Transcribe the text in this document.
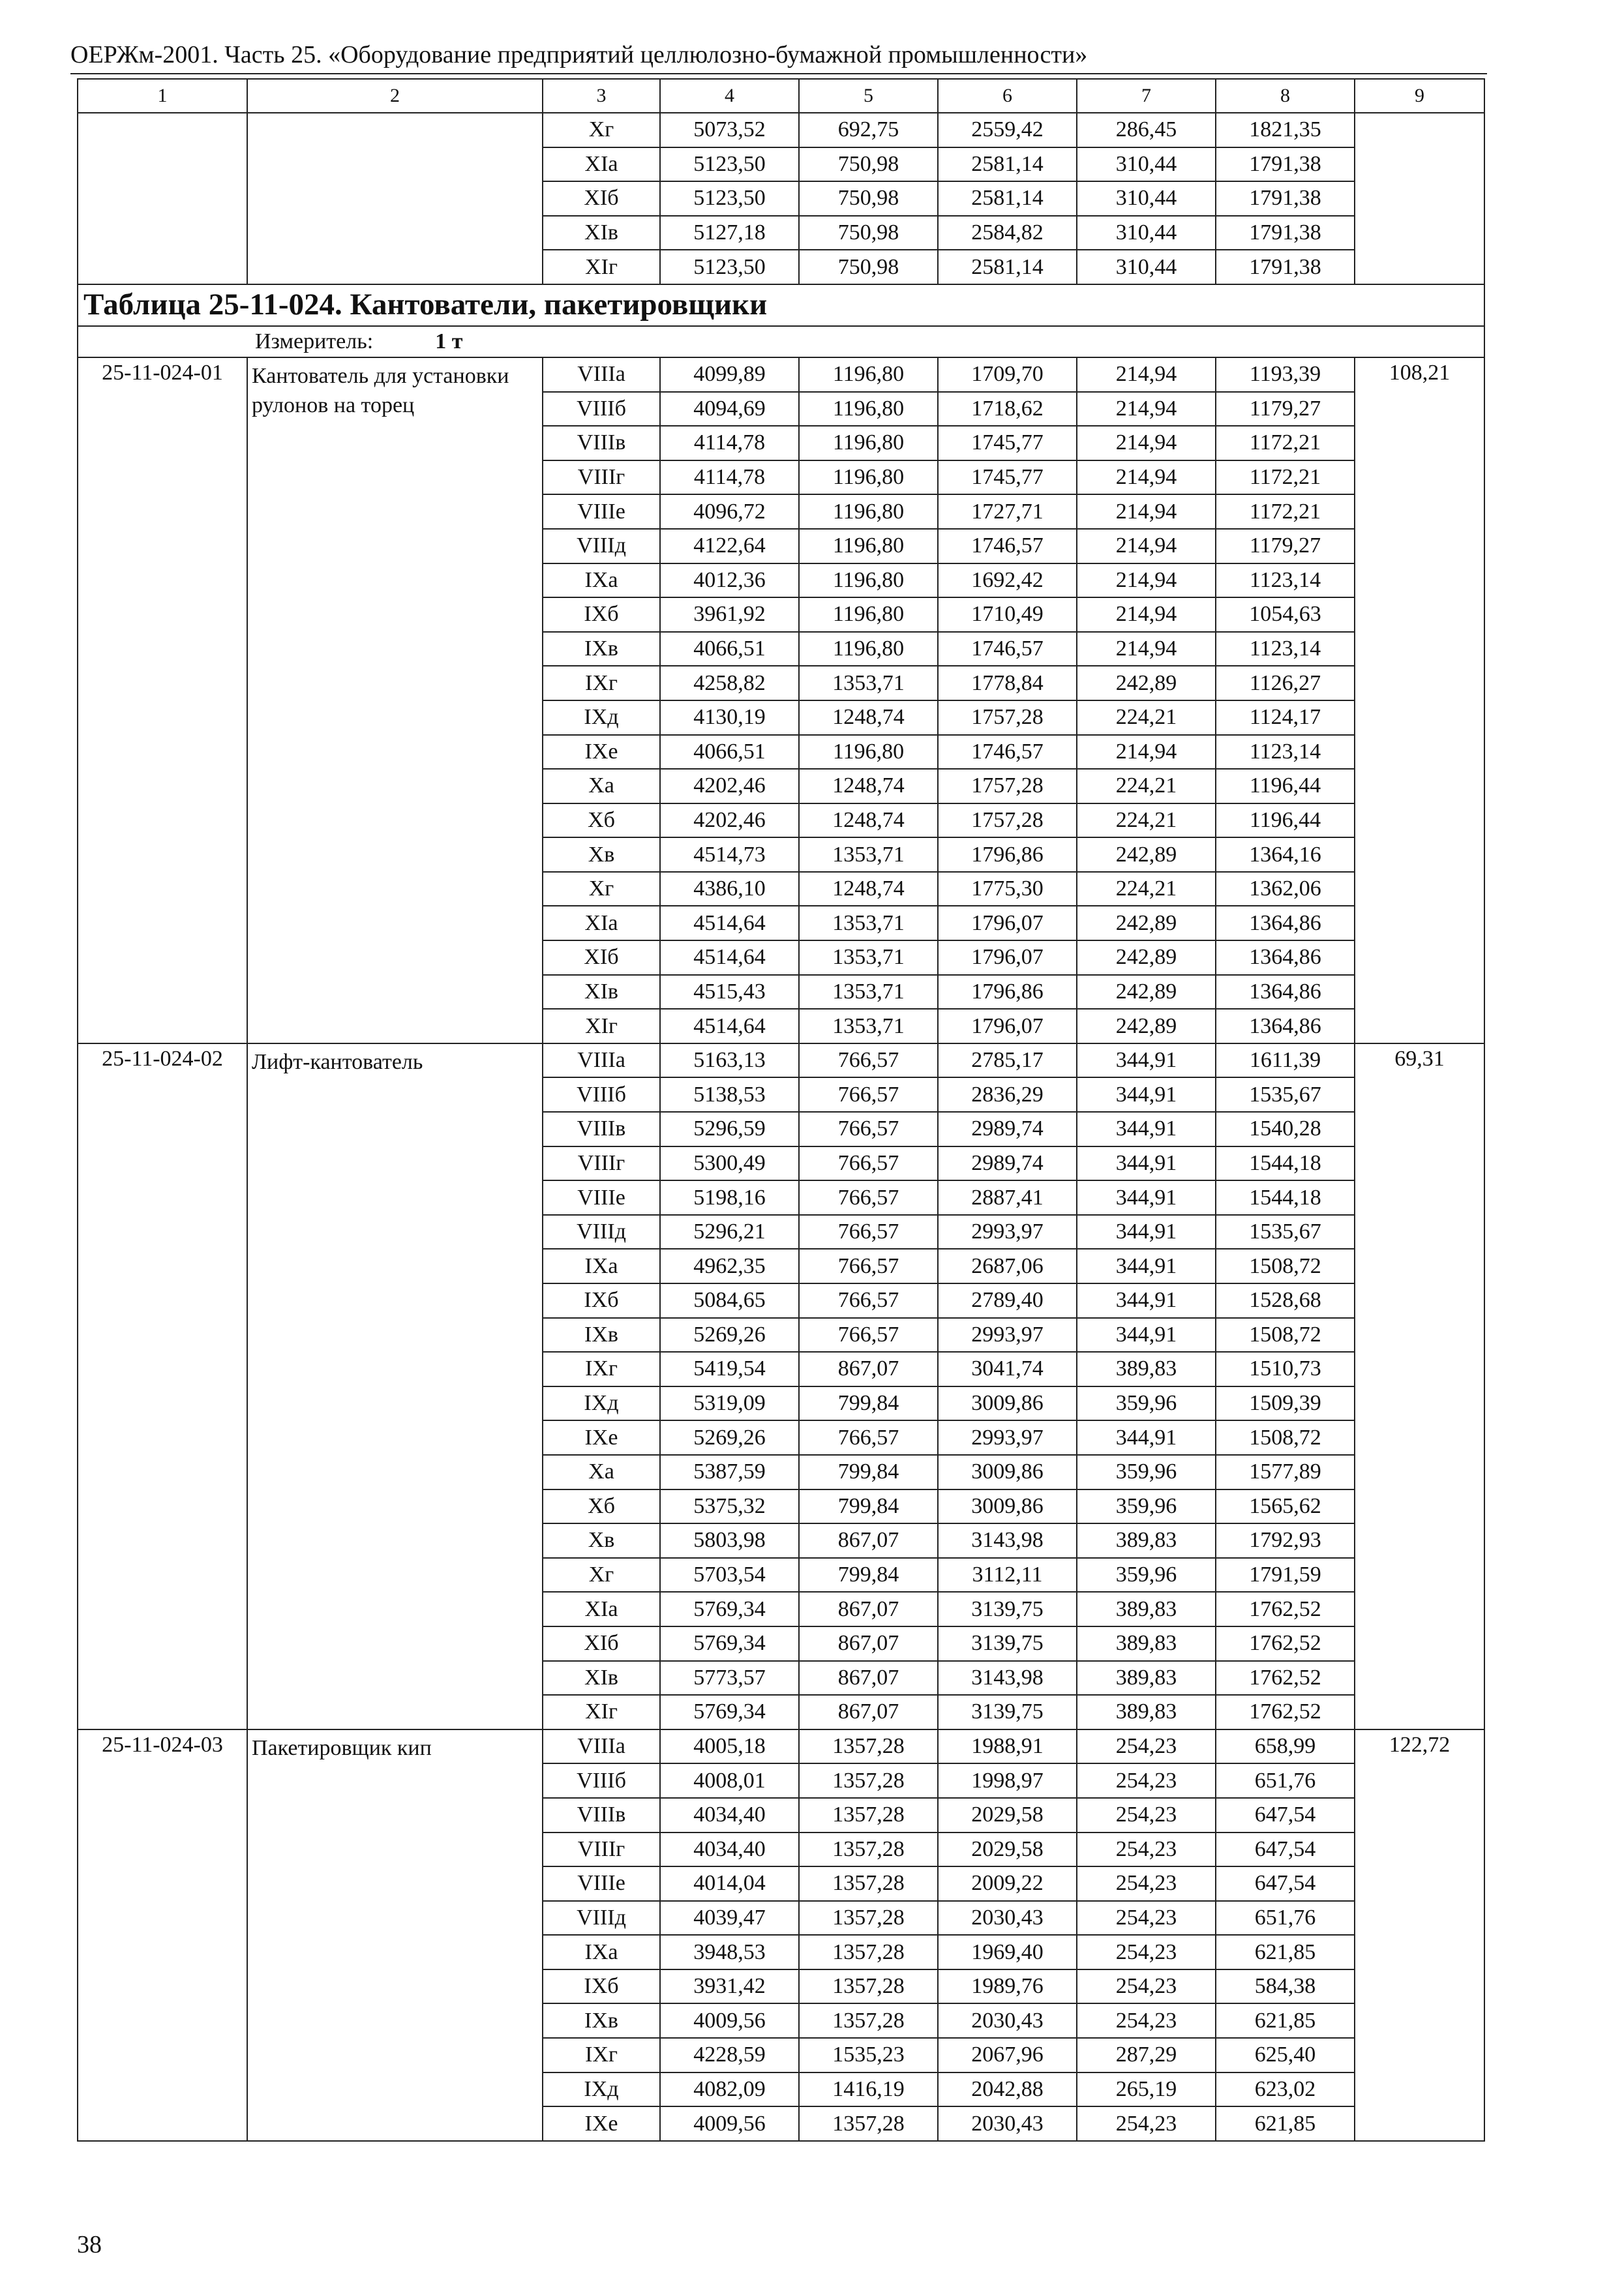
ОЕРЖм-2001. Часть 25. «Оборудование предприятий целлюлозно-бумажной промышленности»
1	2	3	4	5	6	7	8	9
		Xг	5073,52	692,75	2559,42	286,45	1821,35	
		XIа	5123,50	750,98	2581,14	310,44	1791,38	
		XIб	5123,50	750,98	2581,14	310,44	1791,38	
		XIв	5127,18	750,98	2584,82	310,44	1791,38	
		XIг	5123,50	750,98	2581,14	310,44	1791,38	
Таблица 25-11-024. Кантователи, пакетировщики								
Измеритель: 1 т								
25-11-024-01	Кантователь для установки рулонов на торец	VIIIа	4099,89	1196,80	1709,70	214,94	1193,39	108,21
		VIIIб	4094,69	1196,80	1718,62	214,94	1179,27	
		VIIIв	4114,78	1196,80	1745,77	214,94	1172,21	
		VIIIг	4114,78	1196,80	1745,77	214,94	1172,21	
		VIIIе	4096,72	1196,80	1727,71	214,94	1172,21	
		VIIIд	4122,64	1196,80	1746,57	214,94	1179,27	
		IXа	4012,36	1196,80	1692,42	214,94	1123,14	
		IXб	3961,92	1196,80	1710,49	214,94	1054,63	
		IXв	4066,51	1196,80	1746,57	214,94	1123,14	
		IXг	4258,82	1353,71	1778,84	242,89	1126,27	
		IXд	4130,19	1248,74	1757,28	224,21	1124,17	
		IXе	4066,51	1196,80	1746,57	214,94	1123,14	
		Xа	4202,46	1248,74	1757,28	224,21	1196,44	
		Xб	4202,46	1248,74	1757,28	224,21	1196,44	
		Xв	4514,73	1353,71	1796,86	242,89	1364,16	
		Xг	4386,10	1248,74	1775,30	224,21	1362,06	
		XIа	4514,64	1353,71	1796,07	242,89	1364,86	
		XIб	4514,64	1353,71	1796,07	242,89	1364,86	
		XIв	4515,43	1353,71	1796,86	242,89	1364,86	
		XIг	4514,64	1353,71	1796,07	242,89	1364,86	
25-11-024-02	Лифт-кантователь	VIIIа	5163,13	766,57	2785,17	344,91	1611,39	69,31
		VIIIб	5138,53	766,57	2836,29	344,91	1535,67	
		VIIIв	5296,59	766,57	2989,74	344,91	1540,28	
		VIIIг	5300,49	766,57	2989,74	344,91	1544,18	
		VIIIе	5198,16	766,57	2887,41	344,91	1544,18	
		VIIIд	5296,21	766,57	2993,97	344,91	1535,67	
		IXа	4962,35	766,57	2687,06	344,91	1508,72	
		IXб	5084,65	766,57	2789,40	344,91	1528,68	
		IXв	5269,26	766,57	2993,97	344,91	1508,72	
		IXг	5419,54	867,07	3041,74	389,83	1510,73	
		IXд	5319,09	799,84	3009,86	359,96	1509,39	
		IXе	5269,26	766,57	2993,97	344,91	1508,72	
		Xа	5387,59	799,84	3009,86	359,96	1577,89	
		Xб	5375,32	799,84	3009,86	359,96	1565,62	
		Xв	5803,98	867,07	3143,98	389,83	1792,93	
		Xг	5703,54	799,84	3112,11	359,96	1791,59	
		XIа	5769,34	867,07	3139,75	389,83	1762,52	
		XIб	5769,34	867,07	3139,75	389,83	1762,52	
		XIв	5773,57	867,07	3143,98	389,83	1762,52	
		XIг	5769,34	867,07	3139,75	389,83	1762,52	
25-11-024-03	Пакетировщик кип	VIIIа	4005,18	1357,28	1988,91	254,23	658,99	122,72
		VIIIб	4008,01	1357,28	1998,97	254,23	651,76	
		VIIIв	4034,40	1357,28	2029,58	254,23	647,54	
		VIIIг	4034,40	1357,28	2029,58	254,23	647,54	
		VIIIе	4014,04	1357,28	2009,22	254,23	647,54	
		VIIIд	4039,47	1357,28	2030,43	254,23	651,76	
		IXа	3948,53	1357,28	1969,40	254,23	621,85	
		IXб	3931,42	1357,28	1989,76	254,23	584,38	
		IXв	4009,56	1357,28	2030,43	254,23	621,85	
		IXг	4228,59	1535,23	2067,96	287,29	625,40	
		IXд	4082,09	1416,19	2042,88	265,19	623,02	
		IXе	4009,56	1357,28	2030,43	254,23	621,85	
38
